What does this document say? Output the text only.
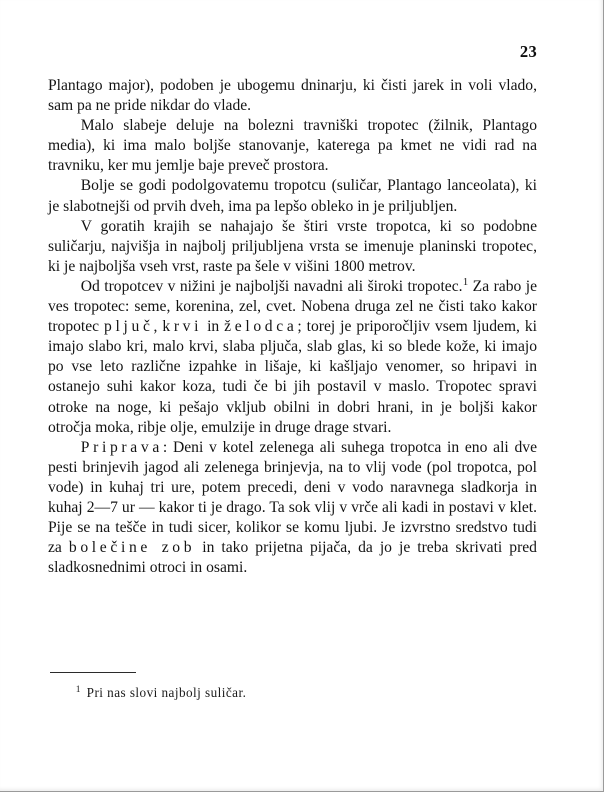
23

Plantago major), podoben je ubogemu dninarju, ki čisti jarek in voli vlado, sam pa ne pride nikdar do vlade.

Malo slabeje deluje na bolezni travniški tropotec (žilnik, Plantago media), ki ima malo boljše stanovanje, katerega pa kmet ne vidi rad na travniku, ker mu jemlje baje preveč prostora.

Bolje se godi podolgovatemu tropotcu (suličar, Plantago lanceolata), ki je slabotnejši od prvih dveh, ima pa lepšo obleko in je priljubljen.

V goratih krajih se nahajajo še štiri vrste tropotca, ki so podobne suličarju, najvišja in najbolj priljubljena vrsta se imenuje planinski tropotec, ki je najboljša vseh vrst, raste pa šele v višini 1800 metrov.

Od tropotcev v nižini je najboljši navadni ali široki tropotec.$^1$ Za rabo je ves tropotec: seme, korenina, zel, cvet. Nobena druga zel ne čisti tako kakor tropotec pljuč, krvi in želodca; torej je priporočljiv vsem ljudem, ki imajo slabo kri, malo krvi, slaba pljuča, slab glas, ki so blede kože, ki imajo po vse leto različne izpahke in lišaje, ki kašljajo venomer, so hripavi in ostanejo suhi kakor koza, tudi če bi jih postavil v maslo. Tropotec spravi otroke na noge, ki pešajo vkljub obilni in dobri hrani, in je boljši kakor otročja moka, ribje olje, emulzije in druge drage stvari.

Priprava: Deni v kotel zelenega ali suhega tropotca in eno ali dve pesti brinjevih jagod ali zelenega brinjevja, na to vlij vode (pol tropotca, pol vode) in kuhaj tri ure, potem precedi, deni v vodo naravnega sladkorja in kuhaj 2—7 ur — kakor ti je drago. Ta sok vlij v vrče ali kadi in postavi v klet. Pije se na tešče in tudi sicer, kolikor se komu ljubi. Je izvrstno sredstvo tudi za bolečine zob in tako prijetna pijača, da jo je treba skrivati pred sladkosnednimi otroci in osami.

$^1$ Pri nas slovi najbolj suličar.
